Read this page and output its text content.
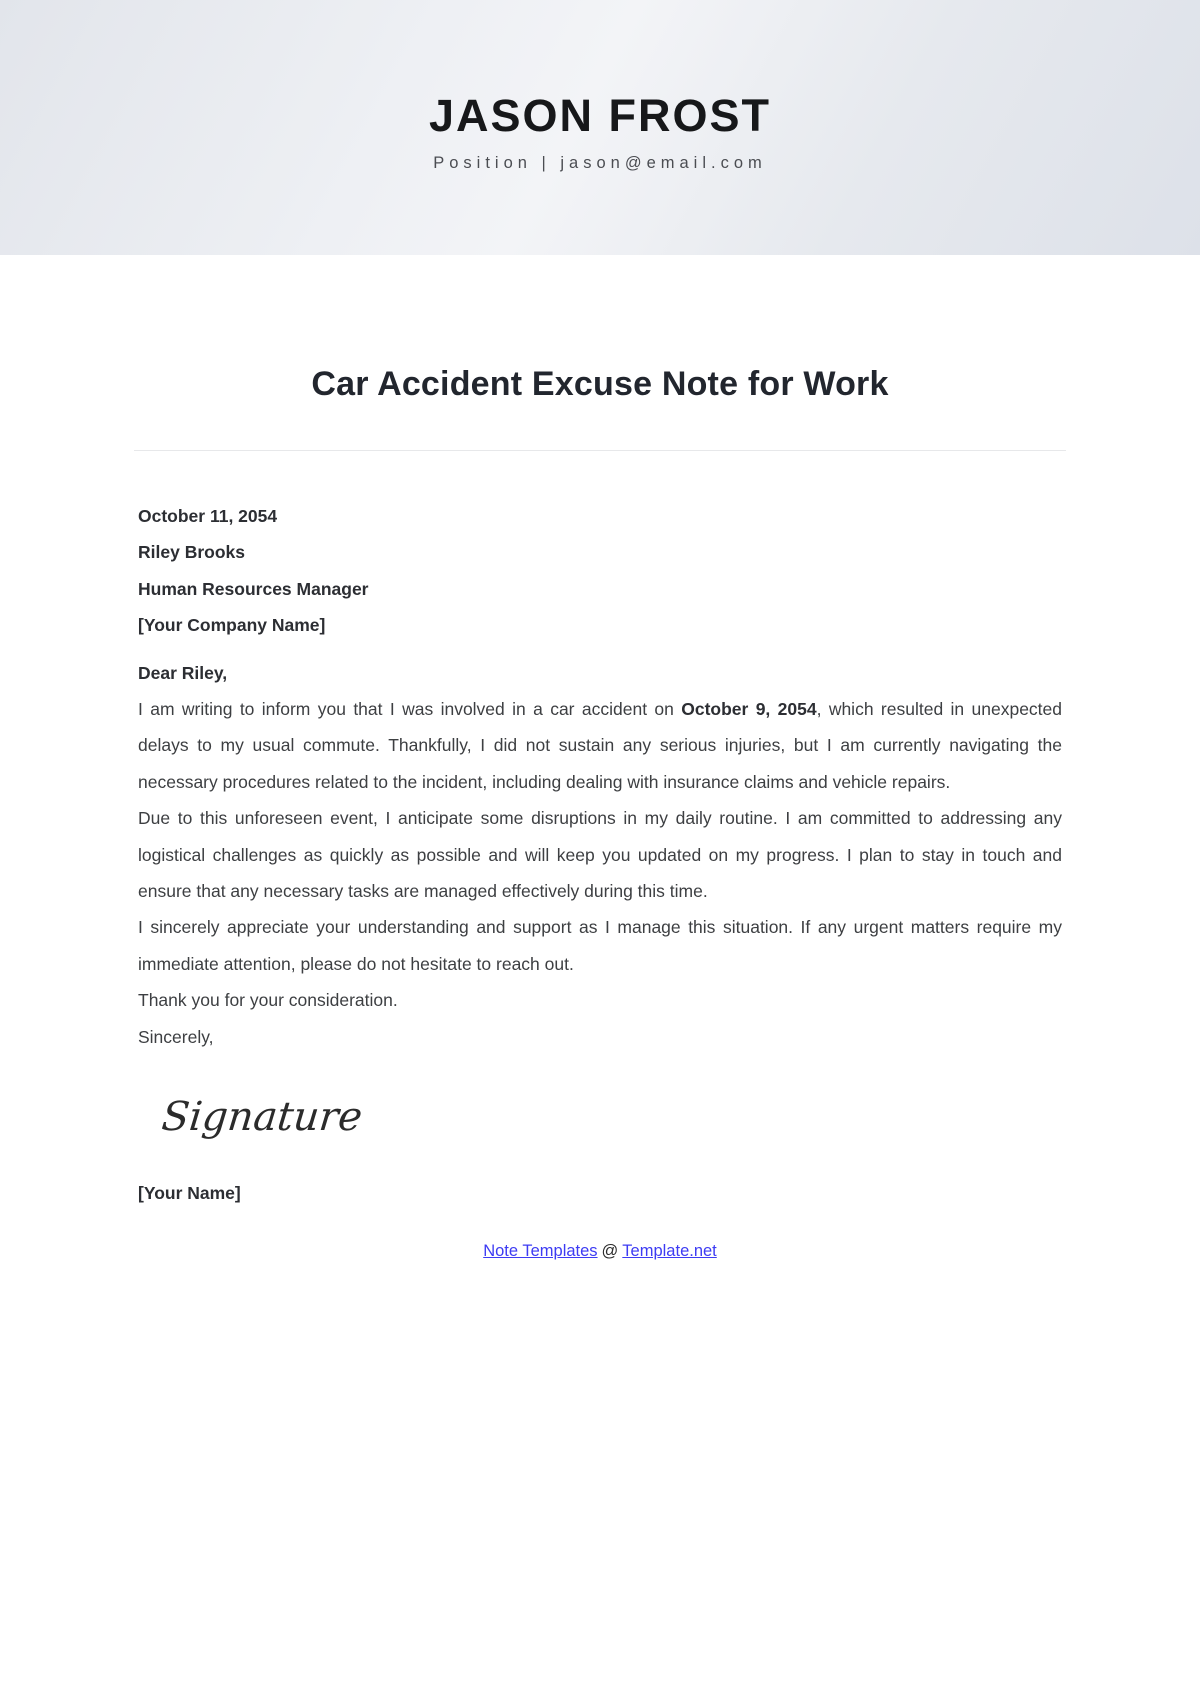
JASON FROST
Position | jason@email.com
Car Accident Excuse Note for Work
October 11, 2054
Riley Brooks
Human Resources Manager
[Your Company Name]
Dear Riley,

I am writing to inform you that I was involved in a car accident on October 9, 2054, which resulted in unexpected delays to my usual commute. Thankfully, I did not sustain any serious injuries, but I am currently navigating the necessary procedures related to the incident, including dealing with insurance claims and vehicle repairs.

Due to this unforeseen event, I anticipate some disruptions in my daily routine. I am committed to addressing any logistical challenges as quickly as possible and will keep you updated on my progress. I plan to stay in touch and ensure that any necessary tasks are managed effectively during this time.

I sincerely appreciate your understanding and support as I manage this situation. If any urgent matters require my immediate attention, please do not hesitate to reach out.

Thank you for your consideration.
Sincerely,
Signature
[Your Name]
Note Templates @ Template.net
